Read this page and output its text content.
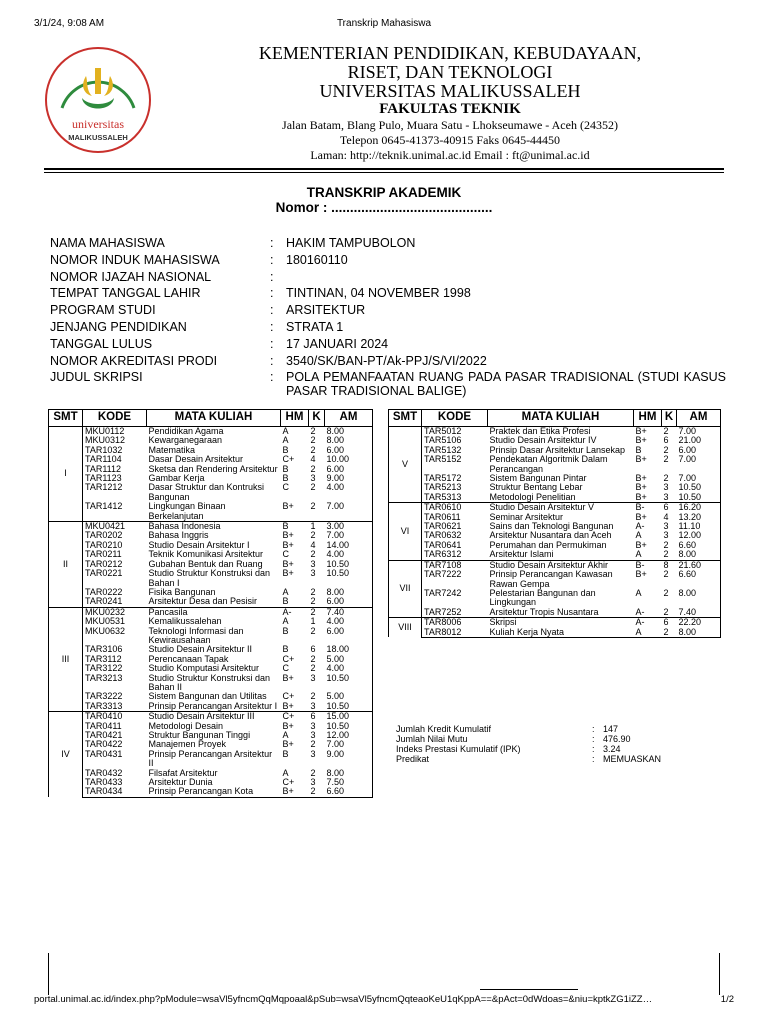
3/1/24, 9:08 AM	Transkrip Mahasiswa
universitas
MALIKUSSALEH
KEMENTERIAN PENDIDIKAN, KEBUDAYAAN,
RISET, DAN TEKNOLOGI
UNIVERSITAS MALIKUSSALEH
FAKULTAS TEKNIK
Jalan Batam, Blang Pulo, Muara Satu - Lhokseumawe - Aceh (24352)
Telepon 0645-41373-40915 Faks 0645-44450
Laman: http://teknik.unimal.ac.id Email : ft@unimal.ac.id
TRANSKRIP AKADEMIK
Nomor : ...........................................
NAMA MAHASISWA	: HAKIM TAMPUBOLON
NOMOR INDUK MAHASISWA	: 180160110
NOMOR IJAZAH NASIONAL	:
TEMPAT TANGGAL LAHIR	: TINTINAN, 04 NOVEMBER 1998
PROGRAM STUDI	: ARSITEKTUR
JENJANG PENDIDIKAN	: STRATA 1
TANGGAL LULUS	: 17 JANUARI 2024
NOMOR AKREDITASI PRODI	: 3540/SK/BAN-PT/Ak-PPJ/S/VI/2022
JUDUL SKRIPSI	: POLA PEMANFAATAN RUANG PADA PASAR TRADISIONAL (STUDI KASUS PASAR TRADISIONAL BALIGE)
SMT	KODE	MATA KULIAH	HM	K	AM
I	MKU0112	Pendidikan Agama	A	2	8.00
	MKU0312	Kewarganegaraan	A	2	8.00
	TAR1032	Matematika	B	2	6.00
	TAR1104	Dasar Desain Arsitektur	C+	4	10.00
	TAR1112	Sketsa dan Rendering Arsitektur	B	2	6.00
	TAR1123	Gambar Kerja	B	3	9.00
	TAR1212	Dasar Struktur dan Kontruksi Bangunan	C	2	4.00
	TAR1412	Lingkungan Binaan Berkelanjutan	B+	2	7.00
II	MKU0421	Bahasa Indonesia	B	1	3.00
	TAR0202	Bahasa Inggris	B+	2	7.00
	TAR0210	Studio Desain Arsitektur I	B+	4	14.00
	TAR0211	Teknik Komunikasi Arsitektur	C	2	4.00
	TAR0212	Gubahan Bentuk dan Ruang	B+	3	10.50
	TAR0221	Studio Struktur Konstruksi dan Bahan I	B+	3	10.50
	TAR0222	Fisika Bangunan	A	2	8.00
	TAR0241	Arsitektur Desa dan Pesisir	B	2	6.00
III	MKU0232	Pancasila	A-	2	7.40
	MKU0531	Kemalikussalehan	A	1	4.00
	MKU0632	Teknologi Informasi dan Kewirausahaan	B	2	6.00
	TAR3106	Studio Desain Arsitektur II	B	6	18.00
	TAR3112	Perencanaan Tapak	C+	2	5.00
	TAR3122	Studio Komputasi Arsitektur	C	2	4.00
	TAR3213	Studio Struktur Konstruksi dan Bahan II	B+	3	10.50
	TAR3222	Sistem Bangunan dan Utilitas	C+	2	5.00
	TAR3313	Prinsip Perancangan Arsitektur I	B+	3	10.50
IV	TAR0410	Studio Desain Arsitektur III	C+	6	15.00
	TAR0411	Metodologi Desain	B+	3	10.50
	TAR0421	Struktur Bangunan Tinggi	A	3	12.00
	TAR0422	Manajemen Proyek	B+	2	7.00
	TAR0431	Prinsip Perancangan Arsitektur II	B	3	9.00
	TAR0432	Filsafat Arsitektur	A	2	8.00
	TAR0433	Arsitektur Dunia	C+	3	7.50
	TAR0434	Prinsip Perancangan Kota	B+	2	6.60
SMT	KODE	MATA KULIAH	HM	K	AM
V	TAR5012	Praktek dan Etika Profesi	B+	2	7.00
	TAR5106	Studio Desain Arsitektur IV	B+	6	21.00
	TAR5132	Prinsip Dasar Arsitektur Lansekap	B	2	6.00
	TAR5152	Pendekatan Algoritmik Dalam Perancangan	B+	2	7.00
	TAR5172	Sistem Bangunan Pintar	B+	2	7.00
	TAR5213	Struktur Bentang Lebar	B+	3	10.50
	TAR5313	Metodologi Penelitian	B+	3	10.50
VI	TAR0610	Studio Desain Arsitektur V	B-	6	16.20
	TAR0611	Seminar Arsitektur	B+	4	13.20
	TAR0621	Sains dan Teknologi Bangunan	A-	3	11.10
	TAR0632	Arsitektur Nusantara dan Aceh	A	3	12.00
	TAR0641	Perumahan dan Permukiman	B+	2	6.60
	TAR6312	Arsitektur Islami	A	2	8.00
VII	TAR7108	Studio Desain Arsitektur Akhir	B-	8	21.60
	TAR7222	Prinsip Perancangan Kawasan Rawan Gempa	B+	2	6.60
	TAR7242	Pelestarian Bangunan dan Lingkungan	A	2	8.00
	TAR7252	Arsitektur Tropis Nusantara	A-	2	7.40
VIII	TAR8006	Skripsi	A-	6	22.20
	TAR8012	Kuliah Kerja Nyata	A	2	8.00
Jumlah Kredit Kumulatif	: 147
Jumlah Nilai Mutu	: 476.90
Indeks Prestasi Kumulatif (IPK)	: 3.24
Predikat	: MEMUASKAN
portal.unimal.ac.id/index.php?pModule=wsaVl5yfncmQqMqpoaal&pSub=wsaVl5yfncmQqteaoKeU1qKppA==&pAct=0dWdoas=&niu=kptkZG1iZZ…	1/2
